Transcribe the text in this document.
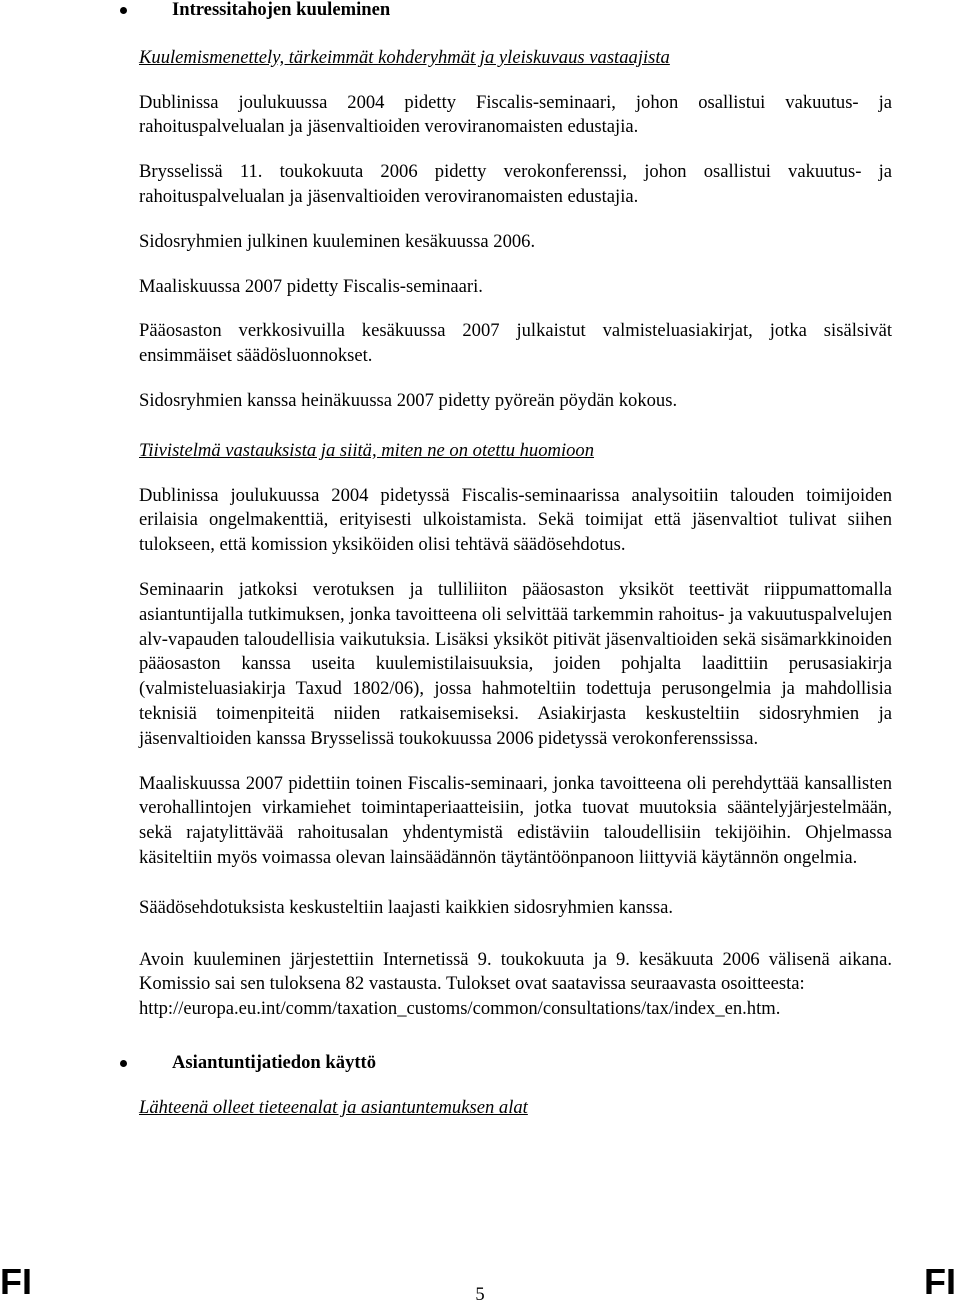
Intressitahojen kuuleminen

Kuulemismenettely, tärkeimmät kohderyhmät ja yleiskuvaus vastaajista

Dublinissa joulukuussa 2004 pidetty Fiscalis-seminaari, johon osallistui vakuutus- ja rahoituspalvelualan ja jäsenvaltioiden veroviranomaisten edustajia.

Brysselissä 11. toukokuuta 2006 pidetty verokonferenssi, johon osallistui vakuutus- ja rahoituspalvelualan ja jäsenvaltioiden veroviranomaisten edustajia.

Sidosryhmien julkinen kuuleminen kesäkuussa 2006.

Maaliskuussa 2007 pidetty Fiscalis-seminaari.

Pääosaston verkkosivuilla kesäkuussa 2007 julkaistut valmisteluasiakirjat, jotka sisälsivät ensimmäiset säädösluonnokset.

Sidosryhmien kanssa heinäkuussa 2007 pidetty pyöreän pöydän kokous.

Tiivistelmä vastauksista ja siitä, miten ne on otettu huomioon

Dublinissa joulukuussa 2004 pidetyssä Fiscalis-seminaarissa analysoitiin talouden toimijoiden erilaisia ongelmakenttiä, erityisesti ulkoistamista. Sekä toimijat että jäsenvaltiot tulivat siihen tulokseen, että komission yksiköiden olisi tehtävä säädösehdotus.

Seminaarin jatkoksi verotuksen ja tulliliiton pääosaston yksiköt teettivät riippumattomalla asiantuntijalla tutkimuksen, jonka tavoitteena oli selvittää tarkemmin rahoitus- ja vakuutuspalvelujen alv-vapauden taloudellisia vaikutuksia. Lisäksi yksiköt pitivät jäsenvaltioiden sekä sisämarkkinoiden pääosaston kanssa useita kuulemistilaisuuksia, joiden pohjalta laadittiin perusasiakirja (valmisteluasiakirja Taxud 1802/06), jossa hahmoteltiin todettuja perusongelmia ja mahdollisia teknisiä toimenpiteitä niiden ratkaisemiseksi. Asiakirjasta keskusteltiin sidosryhmien ja jäsenvaltioiden kanssa Brysselissä toukokuussa 2006 pidetyssä verokonferenssissa.

Maaliskuussa 2007 pidettiin toinen Fiscalis-seminaari, jonka tavoitteena oli perehdyttää kansallisten verohallintojen virkamiehet toimintaperiaatteisiin, jotka tuovat muutoksia sääntelyjärjestelmään, sekä rajatylittävää rahoitusalan yhdentymistä edistäviin taloudellisiin tekijöihin. Ohjelmassa käsiteltiin myös voimassa olevan lainsäädännön täytäntöönpanoon liittyviä käytännön ongelmia.

Säädösehdotuksista keskusteltiin laajasti kaikkien sidosryhmien kanssa.

Avoin kuuleminen järjestettiin Internetissä 9. toukokuuta ja 9. kesäkuuta 2006 välisenä aikana. Komissio sai sen tuloksena 82 vastausta. Tulokset ovat saatavissa seuraavasta osoitteesta:

http://europa.eu.int/comm/taxation_customs/common/consultations/tax/index_en.htm.

Asiantuntijatiedon käyttö

Lähteenä olleet tieteenalat ja asiantuntemuksen alat

FI	5	FI
